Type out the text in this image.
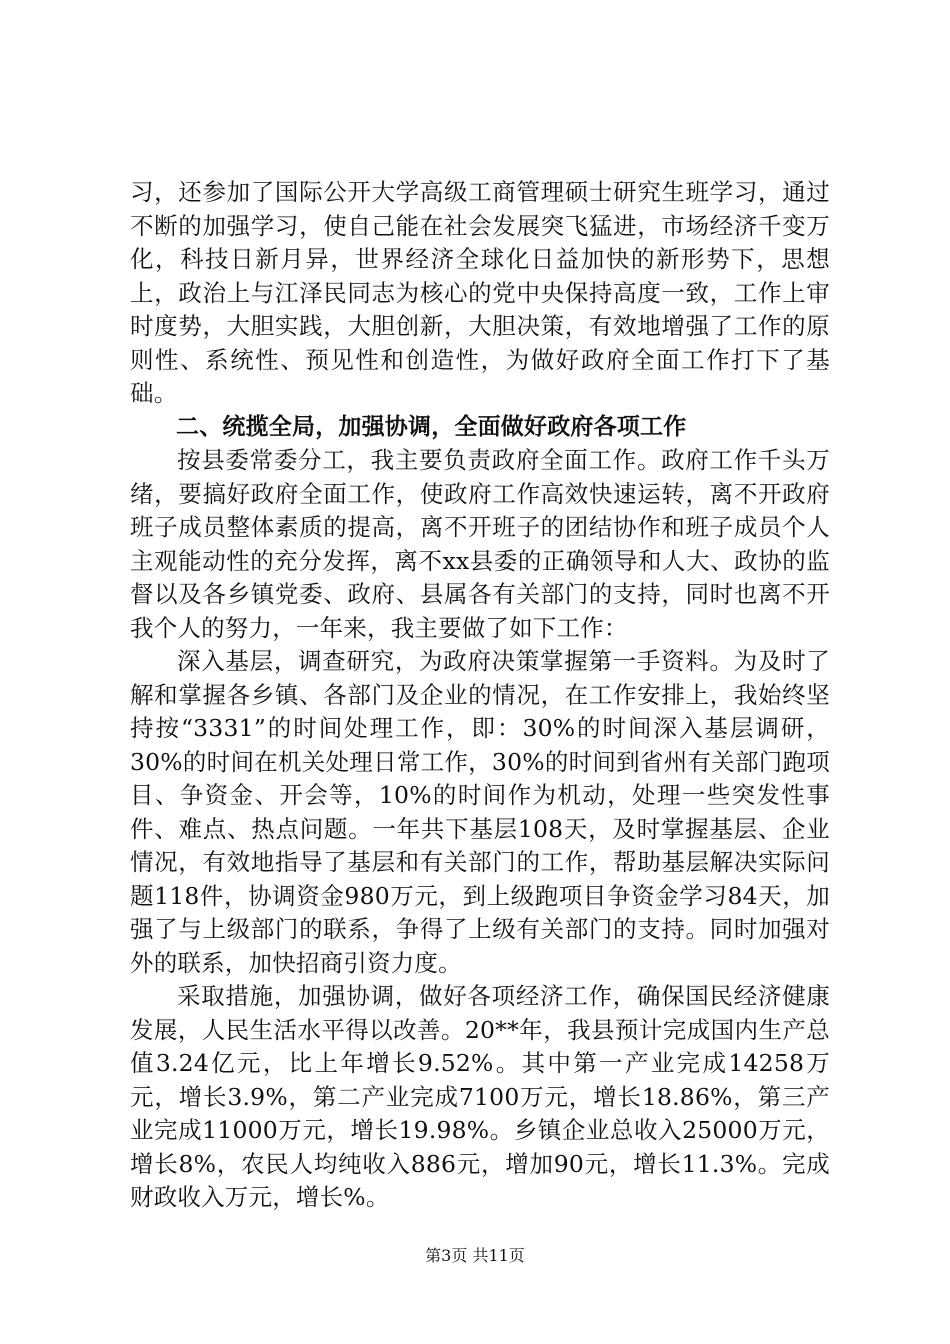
习，还参加了国际公开大学高级工商管理硕士研究生班学习，通过不断的加强学习，使自己能在社会发展突飞猛进，市场经济千变万化，科技日新月异，世界经济全球化日益加快的新形势下，思想上，政治上与江泽民同志为核心的党中央保持高度一致，工作上审时度势，大胆实践，大胆创新，大胆决策，有效地增强了工作的原则性、系统性、预见性和创造性，为做好政府全面工作打下了基础。

二、统揽全局，加强协调，全面做好政府各项工作

按县委常委分工，我主要负责政府全面工作。政府工作千头万绪，要搞好政府全面工作，使政府工作高效快速运转，离不开政府班子成员整体素质的提高，离不开班子的团结协作和班子成员个人主观能动性的充分发挥，离不xx县委的正确领导和人大、政协的监督以及各乡镇党委、政府、县属各有关部门的支持，同时也离不开我个人的努力，一年来，我主要做了如下工作：

深入基层，调查研究，为政府决策掌握第一手资料。为及时了解和掌握各乡镇、各部门及企业的情况，在工作安排上，我始终坚持按“3331”的时间处理工作，即：30%的时间深入基层调研，30%的时间在机关处理日常工作，30%的时间到省州有关部门跑项目、争资金、开会等，10%的时间作为机动，处理一些突发性事件、难点、热点问题。一年共下基层108天，及时掌握基层、企业情况，有效地指导了基层和有关部门的工作，帮助基层解决实际问题118件，协调资金980万元，到上级跑项目争资金学习84天，加强了与上级部门的联系，争得了上级有关部门的支持。同时加强对外的联系，加快招商引资力度。

采取措施，加强协调，做好各项经济工作，确保国民经济健康发展，人民生活水平得以改善。20**年，我县预计完成国内生产总值3.24亿元，比上年增长9.52%。其中第一产业完成14258万元，增长3.9%，第二产业完成7100万元，增长18.86%，第三产业完成11000万元，增长19.98%。乡镇企业总收入25000万元，增长8%，农民人均纯收入886元，增加90元，增长11.3%。完成财政收入万元，增长%。

第3页 共11页
